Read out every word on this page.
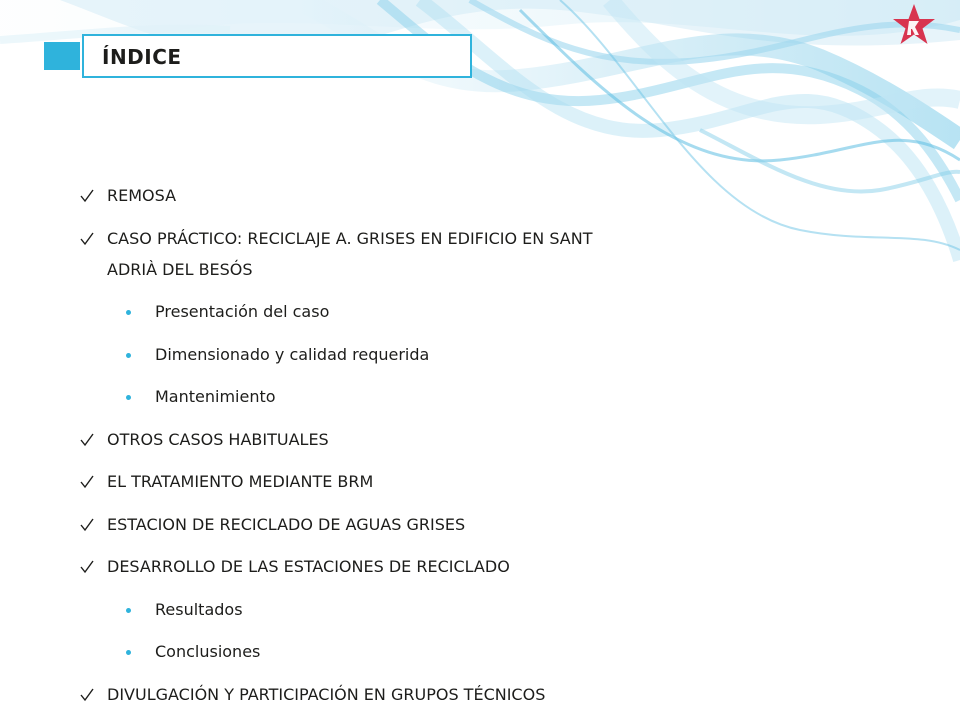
ÍNDICE
REMOSA
CASO PRÁCTICO: RECICLAJE A. GRISES EN EDIFICIO EN SANT
ADRIÀ DEL BESÓS
Presentación del caso
Dimensionado y calidad requerida
Mantenimiento
OTROS CASOS HABITUALES
EL TRATAMIENTO MEDIANTE BRM
ESTACION DE RECICLADO DE AGUAS GRISES
DESARROLLO DE LAS ESTACIONES DE RECICLADO
Resultados
Conclusiones
DIVULGACIÓN Y PARTICIPACIÓN EN GRUPOS TÉCNICOS
